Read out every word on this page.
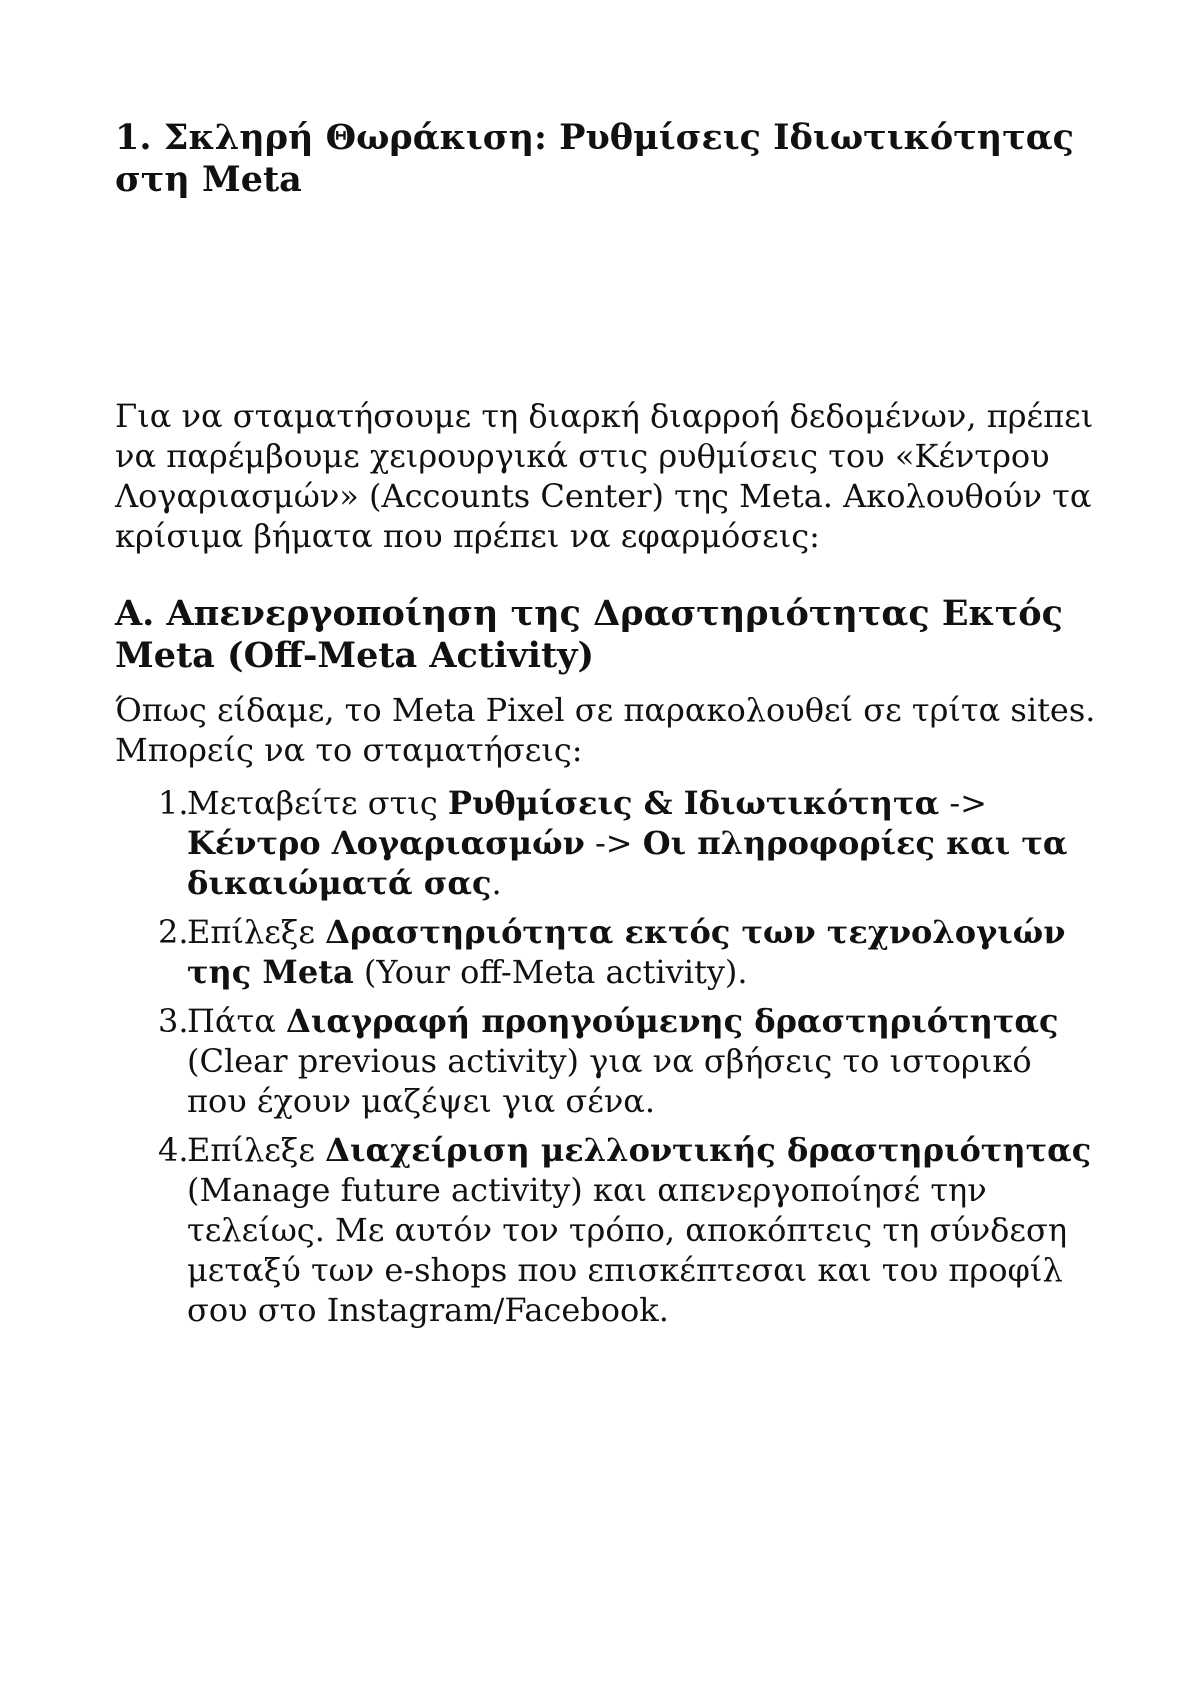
1. Σκληρή Θωράκιση: Ρυθμίσεις Ιδιωτικότητας στη Meta

Για να σταματήσουμε τη διαρκή διαρροή δεδομένων, πρέπει να παρέμβουμε χειρουργικά στις ρυθμίσεις του «Κέντρου Λογαριασμών» (Accounts Center) της Meta. Ακολουθούν τα κρίσιμα βήματα που πρέπει να εφαρμόσεις:

A. Απενεργοποίηση της Δραστηριότητας Εκτός Meta (Off-Meta Activity)

Όπως είδαμε, το Meta Pixel σε παρακολουθεί σε τρίτα sites. Μπορείς να το σταματήσεις:

1.
Μεταβείτε στις Ρυθμίσεις & Ιδιωτικότητα -> Κέντρο Λογαριασμών -> Οι πληροφορίες και τα δικαιώματά σας.
2.
Επίλεξε Δραστηριότητα εκτός των τεχνολογιών της Meta (Your off-Meta activity).
3.
Πάτα Διαγραφή προηγούμενης δραστηριότητας (Clear previous activity) για να σβήσεις το ιστορικό που έχουν μαζέψει για σένα.
4.
Επίλεξε Διαχείριση μελλοντικής δραστηριότητας (Manage future activity) και απενεργοποίησέ την τελείως. Με αυτόν τον τρόπο, αποκόπτεις τη σύνδεση μεταξύ των e-shops που επισκέπτεσαι και του προφίλ σου στο Instagram/Facebook.
